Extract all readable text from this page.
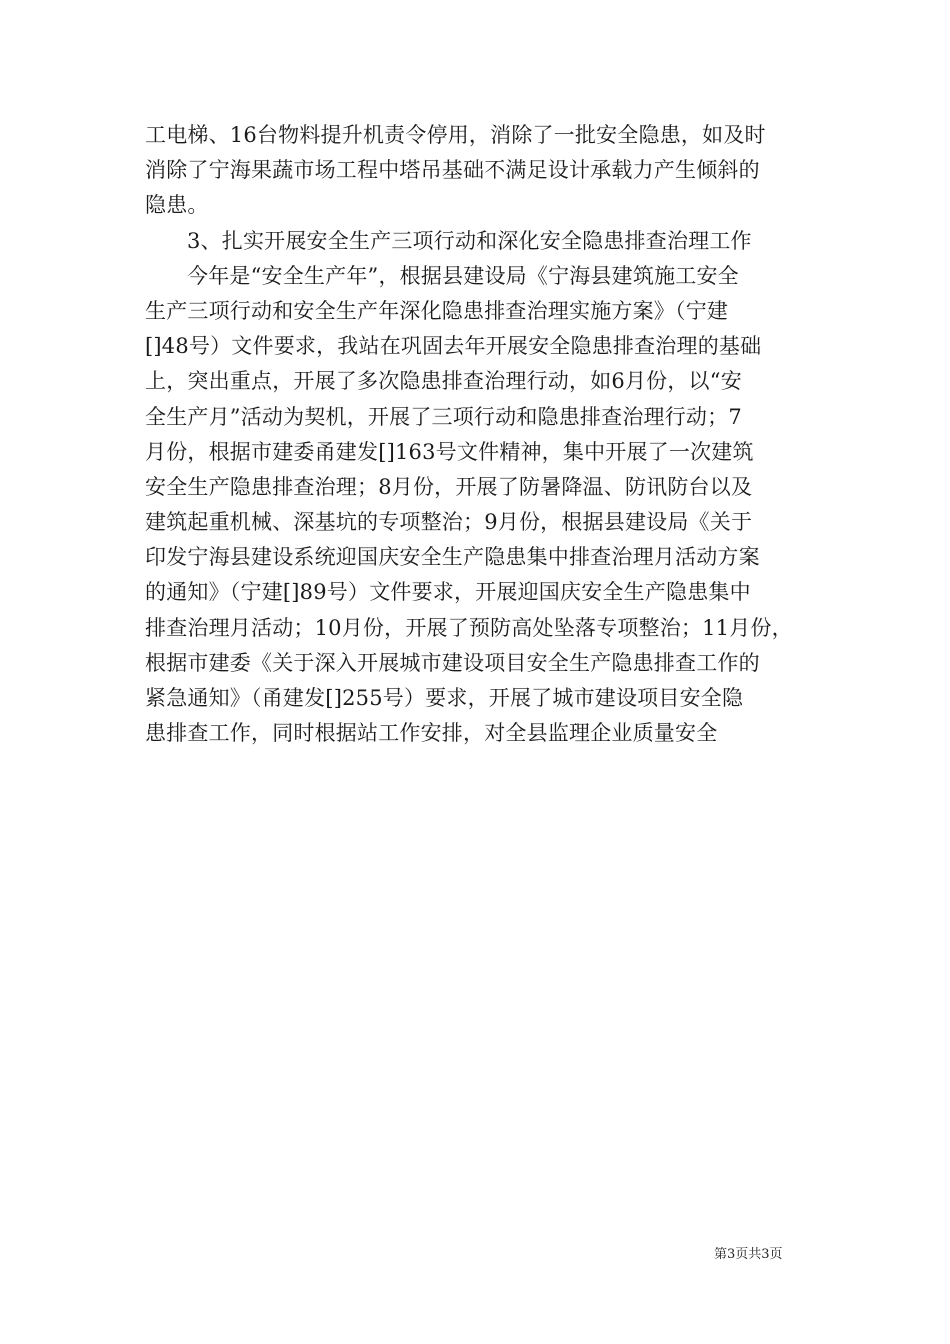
工电梯、16台物料提升机责令停用，消除了一批安全隐患，如及时
消除了宁海果蔬市场工程中塔吊基础不满足设计承载力产生倾斜的
隐患。
3、扎实开展安全生产三项行动和深化安全隐患排查治理工作
今年是“安全生产年”，根据县建设局《宁海县建筑施工安全
生产三项行动和安全生产年深化隐患排查治理实施方案》（宁建
[]48号）文件要求，我站在巩固去年开展安全隐患排查治理的基础
上，突出重点，开展了多次隐患排查治理行动，如6月份，以“安
全生产月”活动为契机，开展了三项行动和隐患排查治理行动；7
月份，根据市建委甬建发[]163号文件精神，集中开展了一次建筑
安全生产隐患排查治理；8月份，开展了防暑降温、防讯防台以及
建筑起重机械、深基坑的专项整治；9月份，根据县建设局《关于
印发宁海县建设系统迎国庆安全生产隐患集中排查治理月活动方案
的通知》（宁建[]89号）文件要求，开展迎国庆安全生产隐患集中
排查治理月活动；10月份，开展了预防高处坠落专项整治；11月份，
根据市建委《关于深入开展城市建设项目安全生产隐患排查工作的
紧急通知》（甬建发[]255号）要求，开展了城市建设项目安全隐
患排查工作，同时根据站工作安排，对全县监理企业质量安全
第3页共3页
